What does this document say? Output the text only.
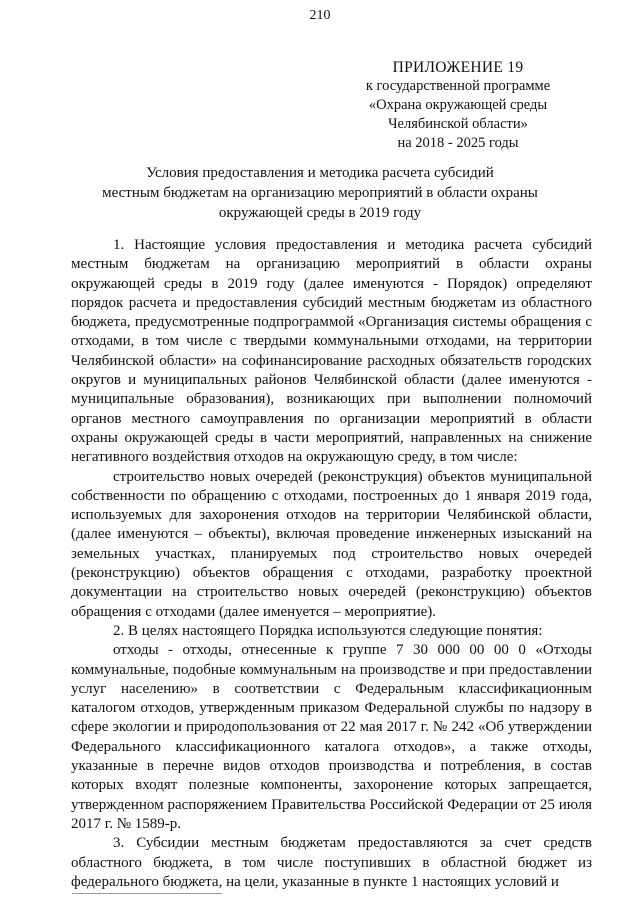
210
ПРИЛОЖЕНИЕ 19
к государственной программе
«Охрана окружающей среды
Челябинской области»
на 2018 - 2025 годы
Условия предоставления и методика расчета субсидий
местным бюджетам на организацию мероприятий в области охраны
окружающей среды в 2019 году

1. Настоящие условия предоставления и методика расчета субсидий местным бюджетам на организацию мероприятий в области охраны окружающей среды в 2019 году (далее именуются - Порядок) определяют порядок расчета и предоставления субсидий местным бюджетам из областного бюджета, предусмотренные подпрограммой «Организация системы обращения с отходами, в том числе с твердыми коммунальными отходами, на территории Челябинской области» на софинансирование расходных обязательств городских округов и муниципальных районов Челябинской области (далее именуются - муниципальные образования), возникающих при выполнении полномочий органов местного самоуправления по организации мероприятий в области охраны окружающей среды в части мероприятий, направленных на снижение негативного воздействия отходов на окружающую среду, в том числе:

строительство новых очередей (реконструкция) объектов муниципальной собственности по обращению с отходами, построенных до 1 января 2019 года, используемых для захоронения отходов на территории Челябинской области, (далее именуются – объекты), включая проведение инженерных изысканий на земельных участках, планируемых под строительство новых очередей (реконструкцию) объектов обращения с отходами, разработку проектной документации на строительство новых очередей (реконструкцию) объектов обращения с отходами (далее именуется – мероприятие).

2. В целях настоящего Порядка используются следующие понятия:

отходы - отходы, отнесенные к группе 7 30 000 00 00 0 «Отходы коммунальные, подобные коммунальным на производстве и при предоставлении услуг населению» в соответствии с Федеральным классификационным каталогом отходов, утвержденным приказом Федеральной службы по надзору в сфере экологии и природопользования от 22 мая 2017 г. № 242 «Об утверждении Федерального классификационного каталога отходов», а также отходы, указанные в перечне видов отходов производства и потребления, в состав которых входят полезные компоненты, захоронение которых запрещается, утвержденном распоряжением Правительства Российской Федерации от 25 июля 2017 г. № 1589-р.

3. Субсидии местным бюджетам предоставляются за счет средств областного бюджета, в том числе поступивших в областной бюджет из федерального бюджета, на цели, указанные в пункте 1 настоящих условий и
